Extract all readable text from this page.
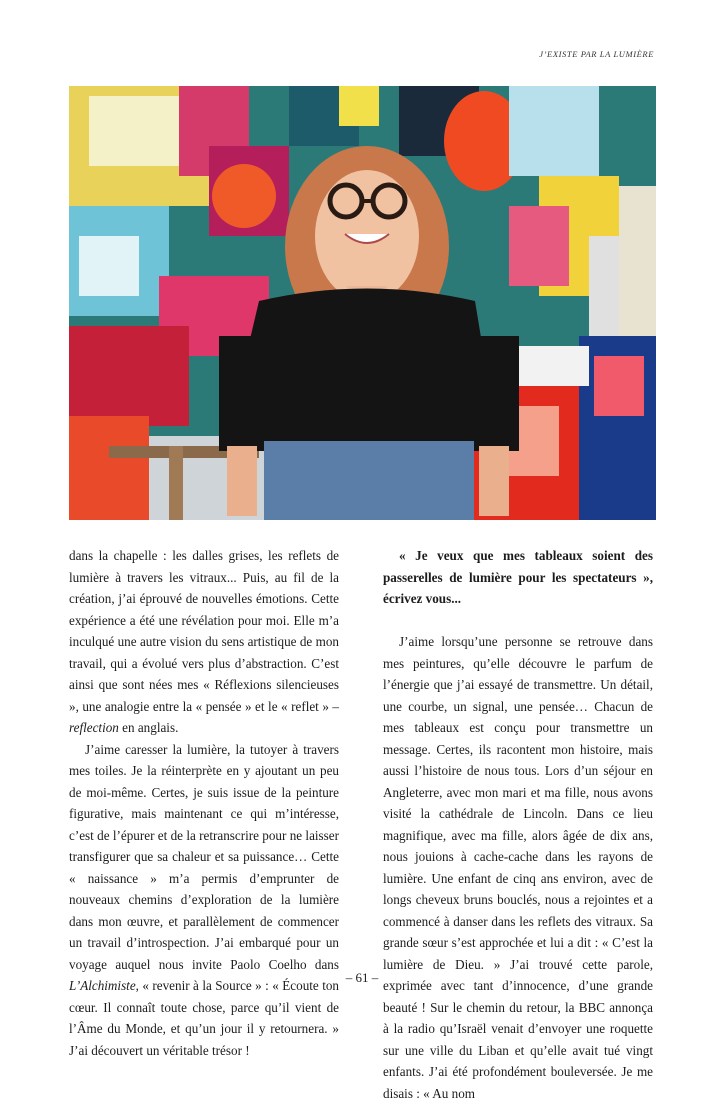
J’EXISTE PAR LA LUMIÈRE

dans la chapelle : les dalles grises, les reflets de lumière à travers les vitraux... Puis, au fil de la création, j’ai éprouvé de nouvelles émotions. Cette expérience a été une révélation pour moi. Elle m’a inculqué une autre vision du sens artistique de mon travail, qui a évolué vers plus d’abstraction. C’est ainsi que sont nées mes « Réflexions silencieuses », une analogie entre la « pensée » et le « reflet » – reflection en anglais.

J’aime caresser la lumière, la tutoyer à travers mes toiles. Je la réinterprète en y ajoutant un peu de moi-même. Certes, je suis issue de la peinture figurative, mais maintenant ce qui m’intéresse, c’est de l’épurer et de la retranscrire pour ne laisser transfigurer que sa chaleur et sa puissance… Cette « naissance » m’a permis d’emprunter de nouveaux chemins d’exploration de la lumière dans mon œuvre, et parallèlement de commencer un travail d’introspection. J’ai embarqué pour un voyage auquel nous invite Paolo Coelho dans L’Alchimiste, « revenir à la Source » : « Écoute ton cœur. Il connaît toute chose, parce qu’il vient de l’Âme du Monde, et qu’un jour il y retournera. » J’ai découvert un véritable trésor !

« Je veux que mes tableaux soient des passerelles de lumière pour les spectateurs », écrivez vous...

J’aime lorsqu’une personne se retrouve dans mes peintures, qu’elle découvre le parfum de l’énergie que j’ai essayé de transmettre. Un détail, une courbe, un signal, une pensée… Chacun de mes tableaux est conçu pour transmettre un message. Certes, ils racontent mon histoire, mais aussi l’histoire de nous tous. Lors d’un séjour en Angleterre, avec mon mari et ma fille, nous avons visité la cathédrale de Lincoln. Dans ce lieu magnifique, avec ma fille, alors âgée de dix ans, nous jouions à cache-cache dans les rayons de lumière. Une enfant de cinq ans environ, avec de longs cheveux bruns bouclés, nous a rejointes et a commencé à danser dans les reflets des vitraux. Sa grande sœur s’est approchée et lui a dit : « C’est la lumière de Dieu. » J’ai trouvé cette parole, exprimée avec tant d’innocence, d’une grande beauté ! Sur le chemin du retour, la BBC annonça à la radio qu’Israël venait d’envoyer une roquette sur une ville du Liban et qu’elle avait tué vingt enfants. J’ai été profondément bouleversée. Je me disais : « Au nom

– 61 –
